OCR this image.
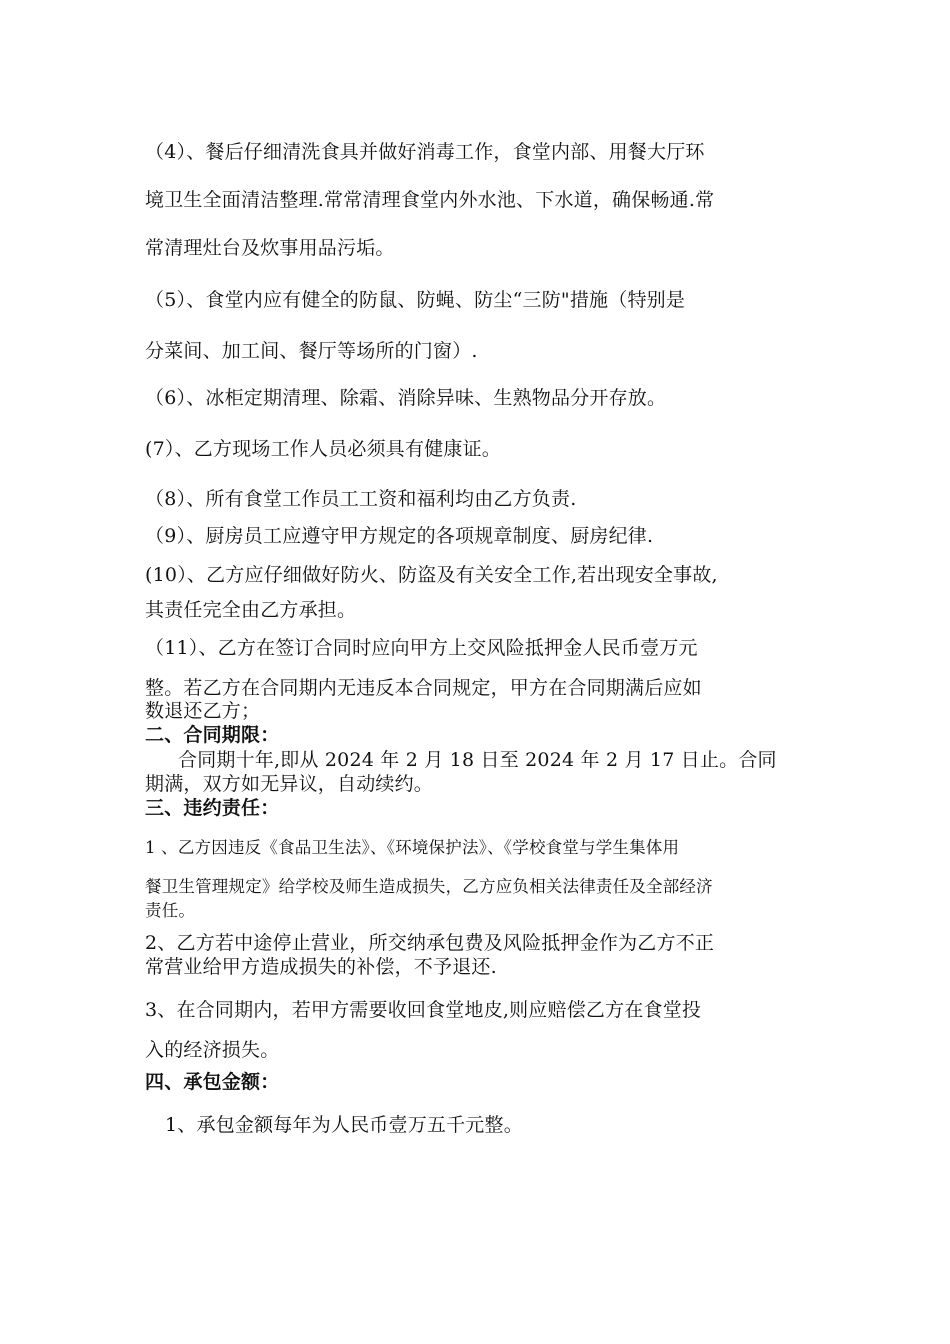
（4）、餐后仔细清洗食具并做好消毒工作，食堂内部、用餐大厅环
境卫生全面清洁整理.常常清理食堂内外水池、下水道，确保畅通.常
常清理灶台及炊事用品污垢。
（5）、食堂内应有健全的防鼠、防蝇、防尘“三防"措施（特别是
分菜间、加工间、餐厅等场所的门窗）.
（6）、冰柜定期清理、除霜、消除异味、生熟物品分开存放。
(7）、乙方现场工作人员必须具有健康证。
（8）、所有食堂工作员工工资和福利均由乙方负责.
（9）、厨房员工应遵守甲方规定的各项规章制度、厨房纪律.
(10）、乙方应仔细做好防火、防盗及有关安全工作,若出现安全事故,
其责任完全由乙方承担。
（11）、乙方在签订合同时应向甲方上交风险抵押金人民币壹万元
整。若乙方在合同期内无违反本合同规定，甲方在合同期满后应如
数退还乙方；
二、合同期限：
合同期十年,即从 2024 年 2 月 18 日至 2024 年 2 月 17 日止。合同
期满，双方如无异议，自动续约。
三、违约责任：
1 、乙方因违反《食品卫生法》、《环境保护法》、《学校食堂与学生集体用
餐卫生管理规定》给学校及师生造成损失，乙方应负相关法律责任及全部经济
责任。
2、乙方若中途停止营业，所交纳承包费及风险抵押金作为乙方不正
常营业给甲方造成损失的补偿，不予退还.
3、在合同期内，若甲方需要收回食堂地皮,则应赔偿乙方在食堂投
入的经济损失。
四、承包金额：
1、承包金额每年为人民币壹万五千元整。
